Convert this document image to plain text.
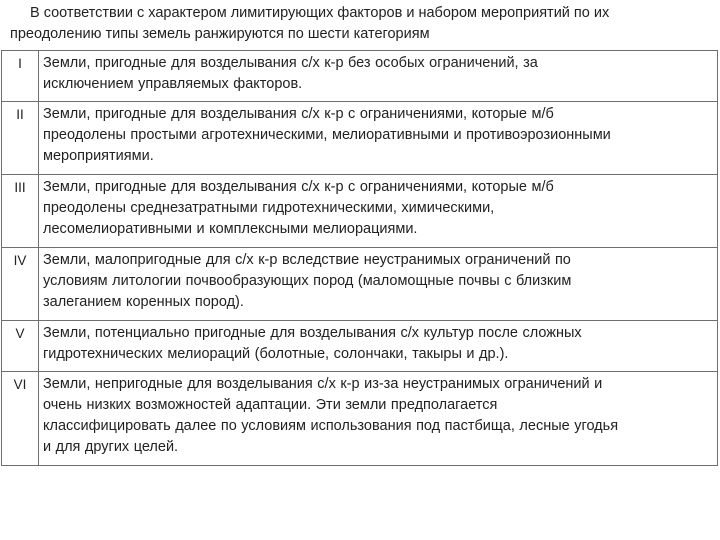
В соответствии с характером лимитирующих факторов и набором мероприятий по их
преодолению типы земель ранжируются по шести категориям
I	Земли, пригодные для возделывания с/х к-р без особых ограничений, за
исключением управляемых факторов.
II	Земли, пригодные для возделывания с/х к-р с ограничениями, которые м/б
преодолены простыми агротехническими, мелиоративными и противоэрозионными
мероприятиями.
III	Земли, пригодные для возделывания с/х к-р с ограничениями, которые м/б
преодолены среднезатратными гидротехническими, химическими,
лесомелиоративными и комплексными мелиорациями.
IV	Земли, малопригодные для с/х к-р вследствие неустранимых ограничений по
условиям литологии почвообразующих пород (маломощные почвы с близким
залеганием коренных пород).
V	Земли, потенциально пригодные для возделывания с/х культур после сложных
гидротехнических мелиораций (болотные, солончаки, такыры и др.).
VI	Земли, непригодные для возделывания с/х к-р из-за неустранимых ограничений и
очень низких возможностей адаптации. Эти земли предполагается
классифицировать далее по условиям использования под пастбища, лесные угодья
и для других целей.
